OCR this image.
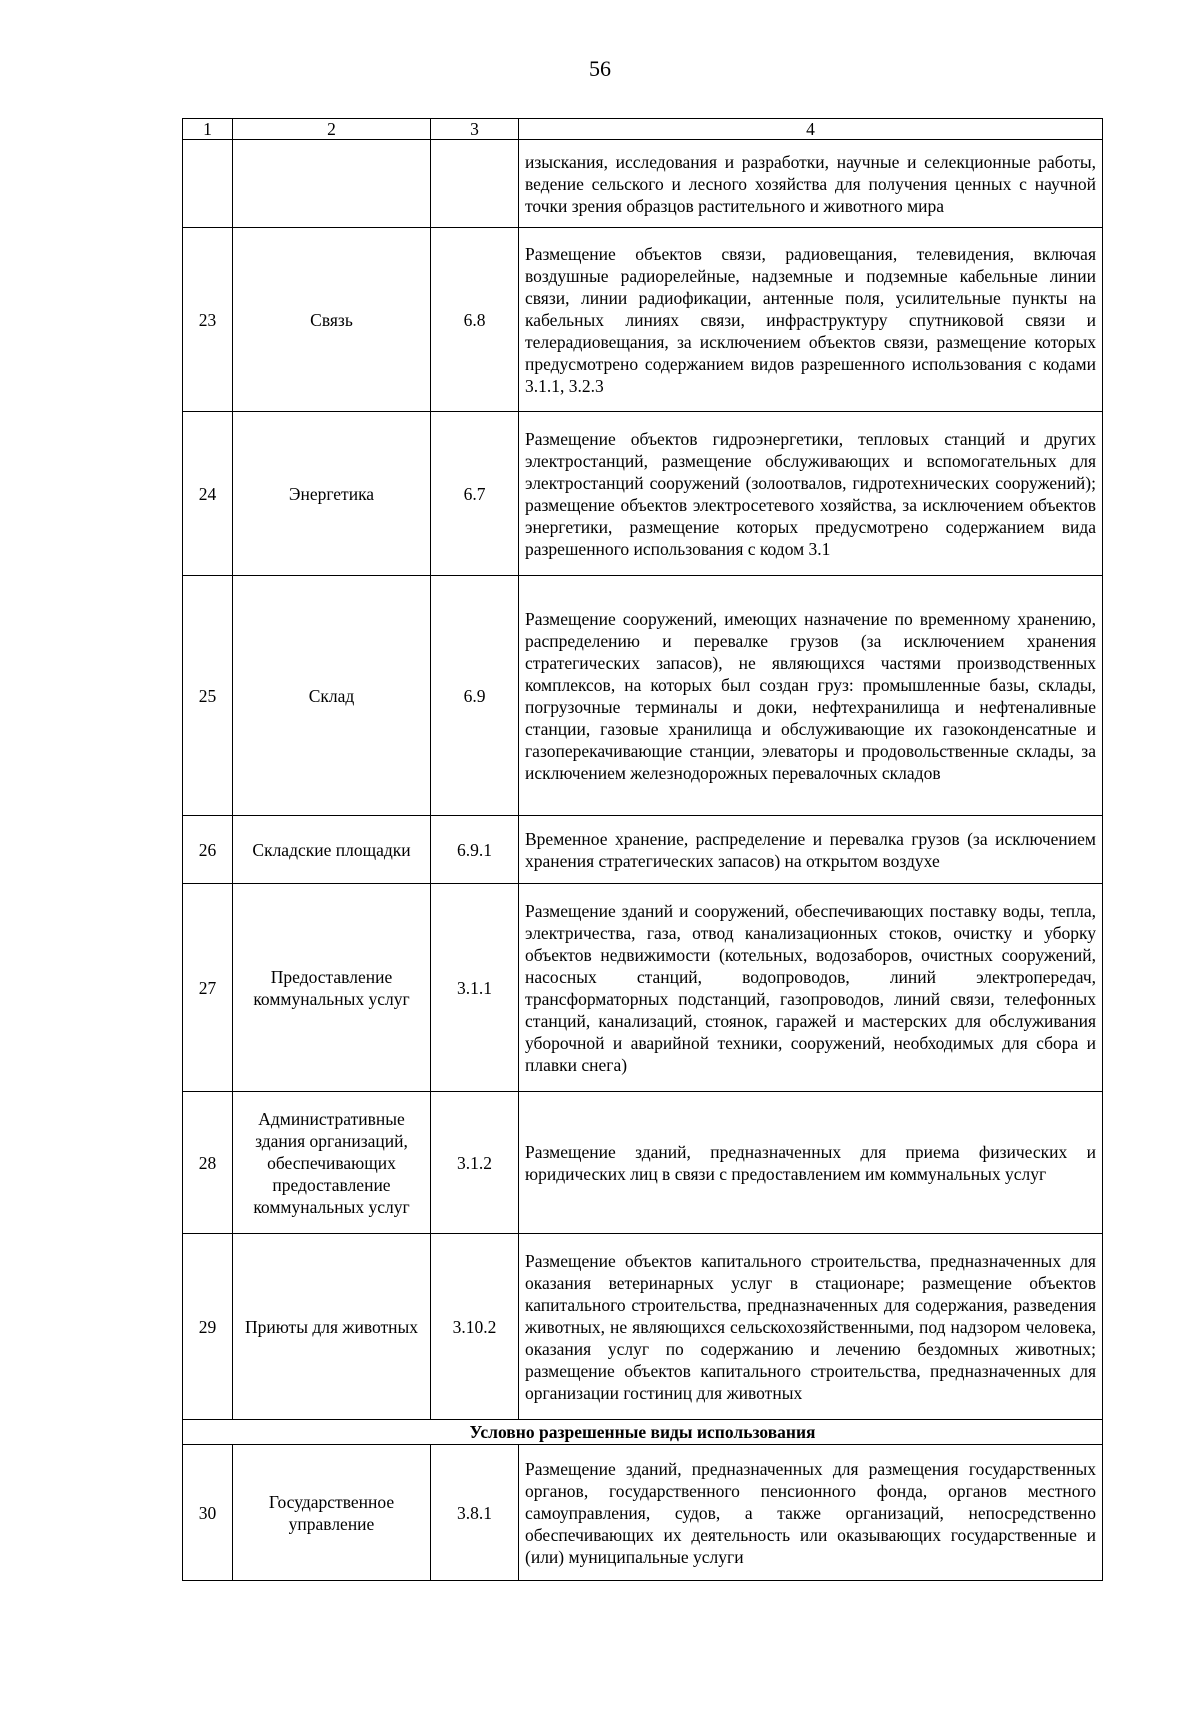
56
1	2	3	4
			изыскания, исследования и разработки, научные и селекционные работы, ведение сельского и лесного хозяйства для получения ценных с научной точки зрения образцов растительного и животного мира
23	Связь	6.8	Размещение объектов связи, радиовещания, телевидения, включая воздушные радиорелейные, надземные и подземные кабельные линии связи, линии радиофикации, антенные поля, усилительные пункты на кабельных линиях связи, инфраструктуру спутниковой связи и телерадиовещания, за исключением объектов связи, размещение которых предусмотрено содержанием видов разрешенного использования с кодами 3.1.1, 3.2.3
24	Энергетика	6.7	Размещение объектов гидроэнергетики, тепловых станций и других электростанций, размещение обслуживающих и вспомогательных для электростанций сооружений (золоотвалов, гидротехнических сооружений); размещение объектов электросетевого хозяйства, за исключением объектов энергетики, размещение которых предусмотрено содержанием вида разрешенного использования с кодом 3.1
25	Склад	6.9	Размещение сооружений, имеющих назначение по временному хранению, распределению и перевалке грузов (за исключением хранения стратегических запасов), не являющихся частями производственных комплексов, на которых был создан груз: промышленные базы, склады, погрузочные терминалы и доки, нефтехранилища и нефтеналивные станции, газовые хранилища и обслуживающие их газоконденсатные и газоперекачивающие станции, элеваторы и продовольственные склады, за исключением железнодорожных перевалочных складов
26	Складские площадки	6.9.1	Временное хранение, распределение и перевалка грузов (за исключением хранения стратегических запасов) на открытом воздухе
27	Предоставление коммунальных услуг	3.1.1	Размещение зданий и сооружений, обеспечивающих поставку воды, тепла, электричества, газа, отвод канализационных стоков, очистку и уборку объектов недвижимости (котельных, водозаборов, очистных сооружений, насосных станций, водопроводов, линий электропередач, трансформаторных подстанций, газопроводов, линий связи, телефонных станций, канализаций, стоянок, гаражей и мастерских для обслуживания уборочной и аварийной техники, сооружений, необходимых для сбора и плавки снега)
28	Административные здания организаций, обеспечивающих предоставление коммунальных услуг	3.1.2	Размещение зданий, предназначенных для приема физических и юридических лиц в связи с предоставлением им коммунальных услуг
29	Приюты для животных	3.10.2	Размещение объектов капитального строительства, предназначенных для оказания ветеринарных услуг в стационаре; размещение объектов капитального строительства, предназначенных для содержания, разведения животных, не являющихся сельскохозяйственными, под надзором человека, оказания услуг по содержанию и лечению бездомных животных; размещение объектов капитального строительства, предназначенных для организации гостиниц для животных
Условно разрешенные виды использования			
30	Государственное управление	3.8.1	Размещение зданий, предназначенных для размещения государственных органов, государственного пенсионного фонда, органов местного самоуправления, судов, а также организаций, непосредственно обеспечивающих их деятельность или оказывающих государственные и (или) муниципальные услуги
